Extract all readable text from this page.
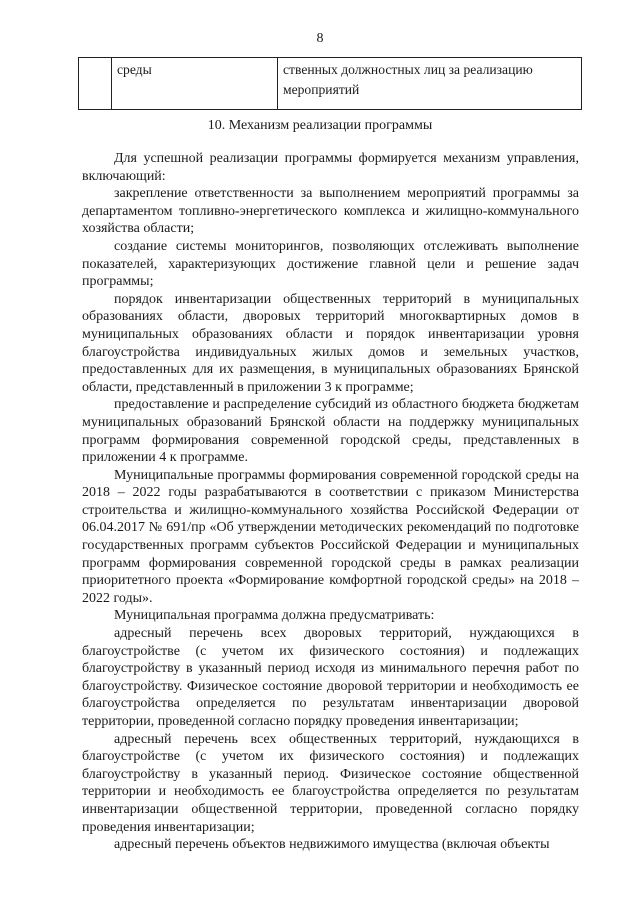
8
	среды	ственных должностных лиц за реализацию мероприятий
10. Механизм реализации программы

Для успешной реализации программы формируется механизм управления, включающий:

закрепление ответственности за выполнением мероприятий программы за департаментом топливно-энергетического комплекса и жилищно-коммунального хозяйства области;

создание системы мониторингов, позволяющих отслеживать выполнение показателей, характеризующих достижение главной цели и решение задач программы;

порядок инвентаризации общественных территорий в муниципальных образованиях области, дворовых территорий многоквартирных домов в муниципальных образованиях области и порядок инвентаризации уровня благоустройства индивидуальных жилых домов и земельных участков, предоставленных для их размещения, в муниципальных образованиях Брянской области, представленный в приложении 3 к программе;

предоставление и распределение субсидий из областного бюджета бюджетам муниципальных образований Брянской области на поддержку муниципальных программ формирования современной городской среды, представленных в приложении 4 к программе.

Муниципальные программы формирования современной городской среды на 2018 – 2022 годы разрабатываются в соответствии с приказом Министерства строительства и жилищно-коммунального хозяйства Российской Федерации от 06.04.2017 № 691/пр «Об утверждении методических рекомендаций по подготовке государственных программ субъектов Российской Федерации и муниципальных программ формирования современной городской среды в рамках реализации приоритетного проекта «Формирование комфортной городской среды» на 2018 – 2022 годы».

Муниципальная программа должна предусматривать:

адресный перечень всех дворовых территорий, нуждающихся в благоустройстве (с учетом их физического состояния) и подлежащих благоустройству в указанный период исходя из минимального перечня работ по благоустройству. Физическое состояние дворовой территории и необходимость ее благоустройства определяется по результатам инвентаризации дворовой территории, проведенной согласно порядку проведения инвентаризации;

адресный перечень всех общественных территорий, нуждающихся в благоустройстве (с учетом их физического состояния) и подлежащих благоустройству в указанный период. Физическое состояние общественной территории и необходимость ее благоустройства определяется по результатам инвентаризации общественной территории, проведенной согласно порядку проведения инвентаризации;

адресный перечень объектов недвижимого имущества (включая объекты
